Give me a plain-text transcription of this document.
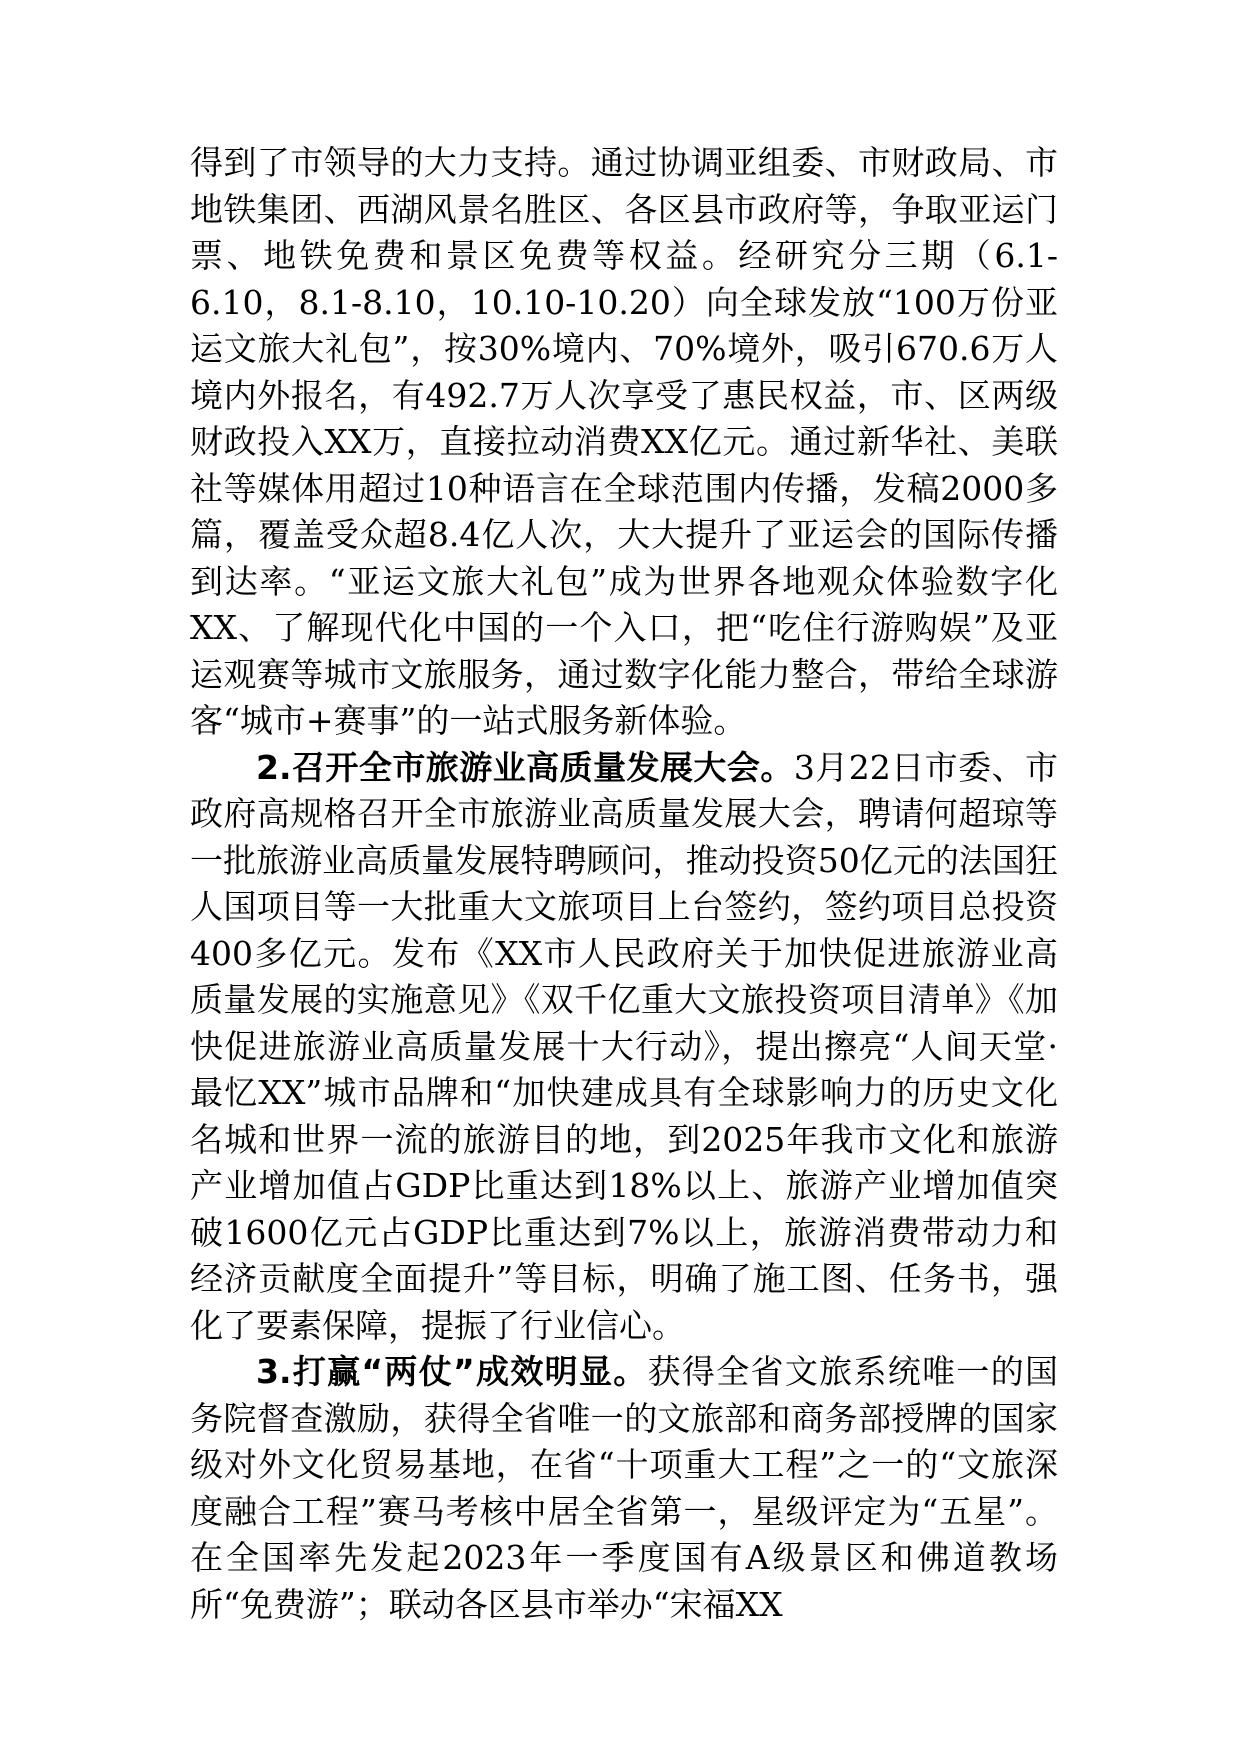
得到了市领导的大力支持。通过协调亚组委、市财政局、市地铁集团、西湖风景名胜区、各区县市政府等，争取亚运门票、地铁免费和景区免费等权益。经研究分三期（6.1-6.10，8.1-8.10，10.10-10.20）向全球发放“100万份亚运文旅大礼包”，按30%境内、70%境外，吸引670.6万人境内外报名，有492.7万人次享受了惠民权益，市、区两级财政投入XX万，直接拉动消费XX亿元。通过新华社、美联社等媒体用超过10种语言在全球范围内传播，发稿2000多篇，覆盖受众超8.4亿人次，大大提升了亚运会的国际传播到达率。“亚运文旅大礼包”成为世界各地观众体验数字化XX、了解现代化中国的一个入口，把“吃住行游购娱”及亚运观赛等城市文旅服务，通过数字化能力整合，带给全球游客“城市+赛事”的一站式服务新体验。

2.召开全市旅游业高质量发展大会。3月22日市委、市政府高规格召开全市旅游业高质量发展大会，聘请何超琼等一批旅游业高质量发展特聘顾问，推动投资50亿元的法国狂人国项目等一大批重大文旅项目上台签约，签约项目总投资400多亿元。发布《XX市人民政府关于加快促进旅游业高质量发展的实施意见》《双千亿重大文旅投资项目清单》《加快促进旅游业高质量发展十大行动》，提出擦亮“人间天堂·最忆XX”城市品牌和“加快建成具有全球影响力的历史文化名城和世界一流的旅游目的地，到2025年我市文化和旅游产业增加值占GDP比重达到18%以上、旅游产业增加值突破1600亿元占GDP比重达到7%以上，旅游消费带动力和经济贡献度全面提升”等目标，明确了施工图、任务书，强化了要素保障，提振了行业信心。

3.打赢“两仗”成效明显。获得全省文旅系统唯一的国务院督查激励，获得全省唯一的文旅部和商务部授牌的国家级对外文化贸易基地，在省“十项重大工程”之一的“文旅深度融合工程”赛马考核中居全省第一，星级评定为“五星”。在全国率先发起2023年一季度国有A级景区和佛道教场所“免费游”；联动各区县市举办“宋福XX
